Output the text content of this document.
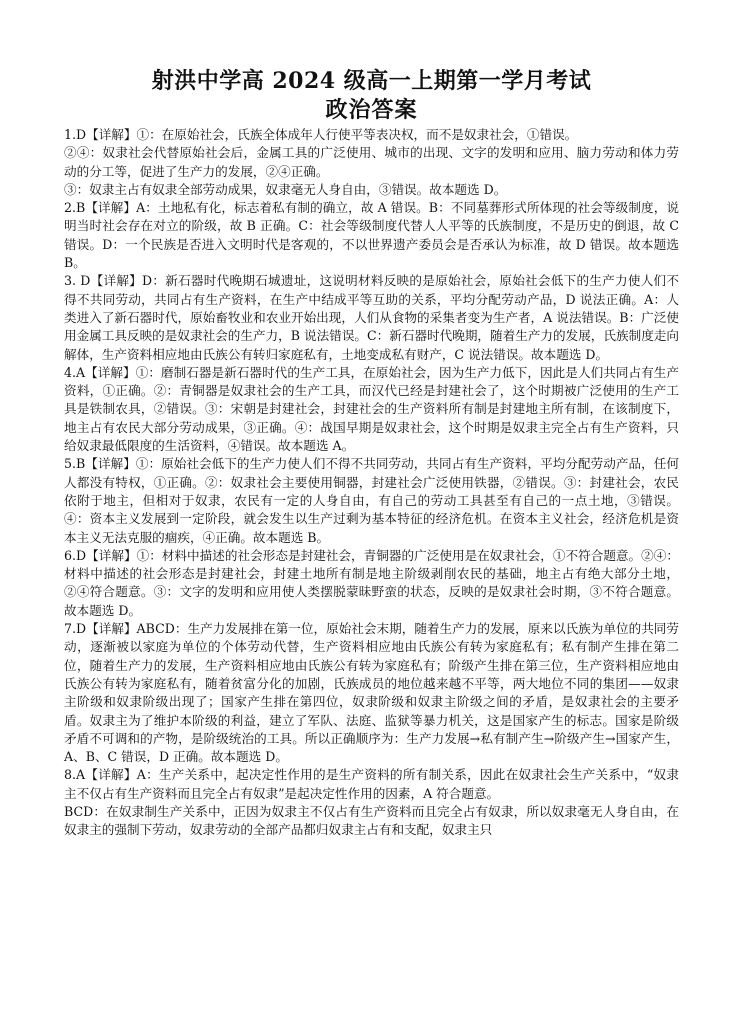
射洪中学高 2024 级高一上期第一学月考试
政治答案

1.D【详解】①：在原始社会，氏族全体成年人行使平等表决权，而不是奴隶社会，①错误。

②④：奴隶社会代替原始社会后，金属工具的广泛使用、城市的出现、文字的发明和应用、脑力劳动和体力劳动的分工等，促进了生产力的发展，②④正确。

③：奴隶主占有奴隶全部劳动成果，奴隶毫无人身自由，③错误。故本题选 D。

2.B【详解】A：土地私有化，标志着私有制的确立，故 A 错误。B：不同墓葬形式所体现的社会等级制度，说明当时社会存在对立的阶级，故 B 正确。C：社会等级制度代替人人平等的氏族制度，不是历史的倒退，故 C 错误。D：一个民族是否进入文明时代是客观的，不以世界遗产委员会是否承认为标准，故 D 错误。故本题选 B。

3. D【详解】D：新石器时代晚期石城遗址，这说明材料反映的是原始社会，原始社会低下的生产力使人们不得不共同劳动，共同占有生产资料，在生产中结成平等互助的关系，平均分配劳动产品，D 说法正确。A：人类进入了新石器时代，原始畜牧业和农业开始出现，人们从食物的采集者变为生产者，A 说法错误。B：广泛使用金属工具反映的是奴隶社会的生产力，B 说法错误。C：新石器时代晚期，随着生产力的发展，氏族制度走向解体，生产资料相应地由氏族公有转归家庭私有，土地变成私有财产，C 说法错误。故本题选 D。

4.A【详解】①：磨制石器是新石器时代的生产工具，在原始社会，因为生产力低下，因此是人们共同占有生产资料，①正确。②：青铜器是奴隶社会的生产工具，而汉代已经是封建社会了，这个时期被广泛使用的生产工具是铁制农具，②错误。③：宋朝是封建社会，封建社会的生产资料所有制是封建地主所有制，在该制度下，地主占有农民大部分劳动成果，③正确。④：战国早期是奴隶社会，这个时期是奴隶主完全占有生产资料，只给奴隶最低限度的生活资料，④错误。故本题选 A。

5.B【详解】①：原始社会低下的生产力使人们不得不共同劳动，共同占有生产资料，平均分配劳动产品，任何人都没有特权，①正确。②：奴隶社会主要使用铜器，封建社会广泛使用铁器，②错误。③：封建社会，农民依附于地主，但相对于奴隶，农民有一定的人身自由，有自己的劳动工具甚至有自己的一点土地，③错误。④：资本主义发展到一定阶段，就会发生以生产过剩为基本特征的经济危机。在资本主义社会，经济危机是资本主义无法克服的痼疾，④正确。故本题选 B。

6.D【详解】①：材料中描述的社会形态是封建社会，青铜器的广泛使用是在奴隶社会，①不符合题意。②④：材料中描述的社会形态是封建社会，封建土地所有制是地主阶级剥削农民的基础，地主占有绝大部分土地，②④符合题意。③：文字的发明和应用使人类摆脱蒙昧野蛮的状态，反映的是奴隶社会时期，③不符合题意。故本题选 D。

7.D【详解】ABCD：生产力发展排在第一位，原始社会末期，随着生产力的发展，原来以氏族为单位的共同劳动，逐渐被以家庭为单位的个体劳动代替，生产资料相应地由氏族公有转为家庭私有；私有制产生排在第二位，随着生产力的发展，生产资料相应地由氏族公有转为家庭私有；阶级产生排在第三位，生产资料相应地由氏族公有转为家庭私有，随着贫富分化的加剧，氏族成员的地位越来越不平等，两大地位不同的集团——奴隶主阶级和奴隶阶级出现了；国家产生排在第四位，奴隶阶级和奴隶主阶级之间的矛盾，是奴隶社会的主要矛盾。奴隶主为了维护本阶级的利益，建立了军队、法庭、监狱等暴力机关，这是国家产生的标志。国家是阶级矛盾不可调和的产物，是阶级统治的工具。所以正确顺序为：生产力发展→私有制产生→阶级产生→国家产生，A、B、C 错误，D 正确。故本题选 D。

8.A【详解】A：生产关系中，起决定性作用的是生产资料的所有制关系，因此在奴隶社会生产关系中，“奴隶主不仅占有生产资料而且完全占有奴隶”是起决定性作用的因素，A 符合题意。

BCD：在奴隶制生产关系中，正因为奴隶主不仅占有生产资料而且完全占有奴隶，所以奴隶毫无人身自由，在奴隶主的强制下劳动，奴隶劳动的全部产品都归奴隶主占有和支配，奴隶主只
